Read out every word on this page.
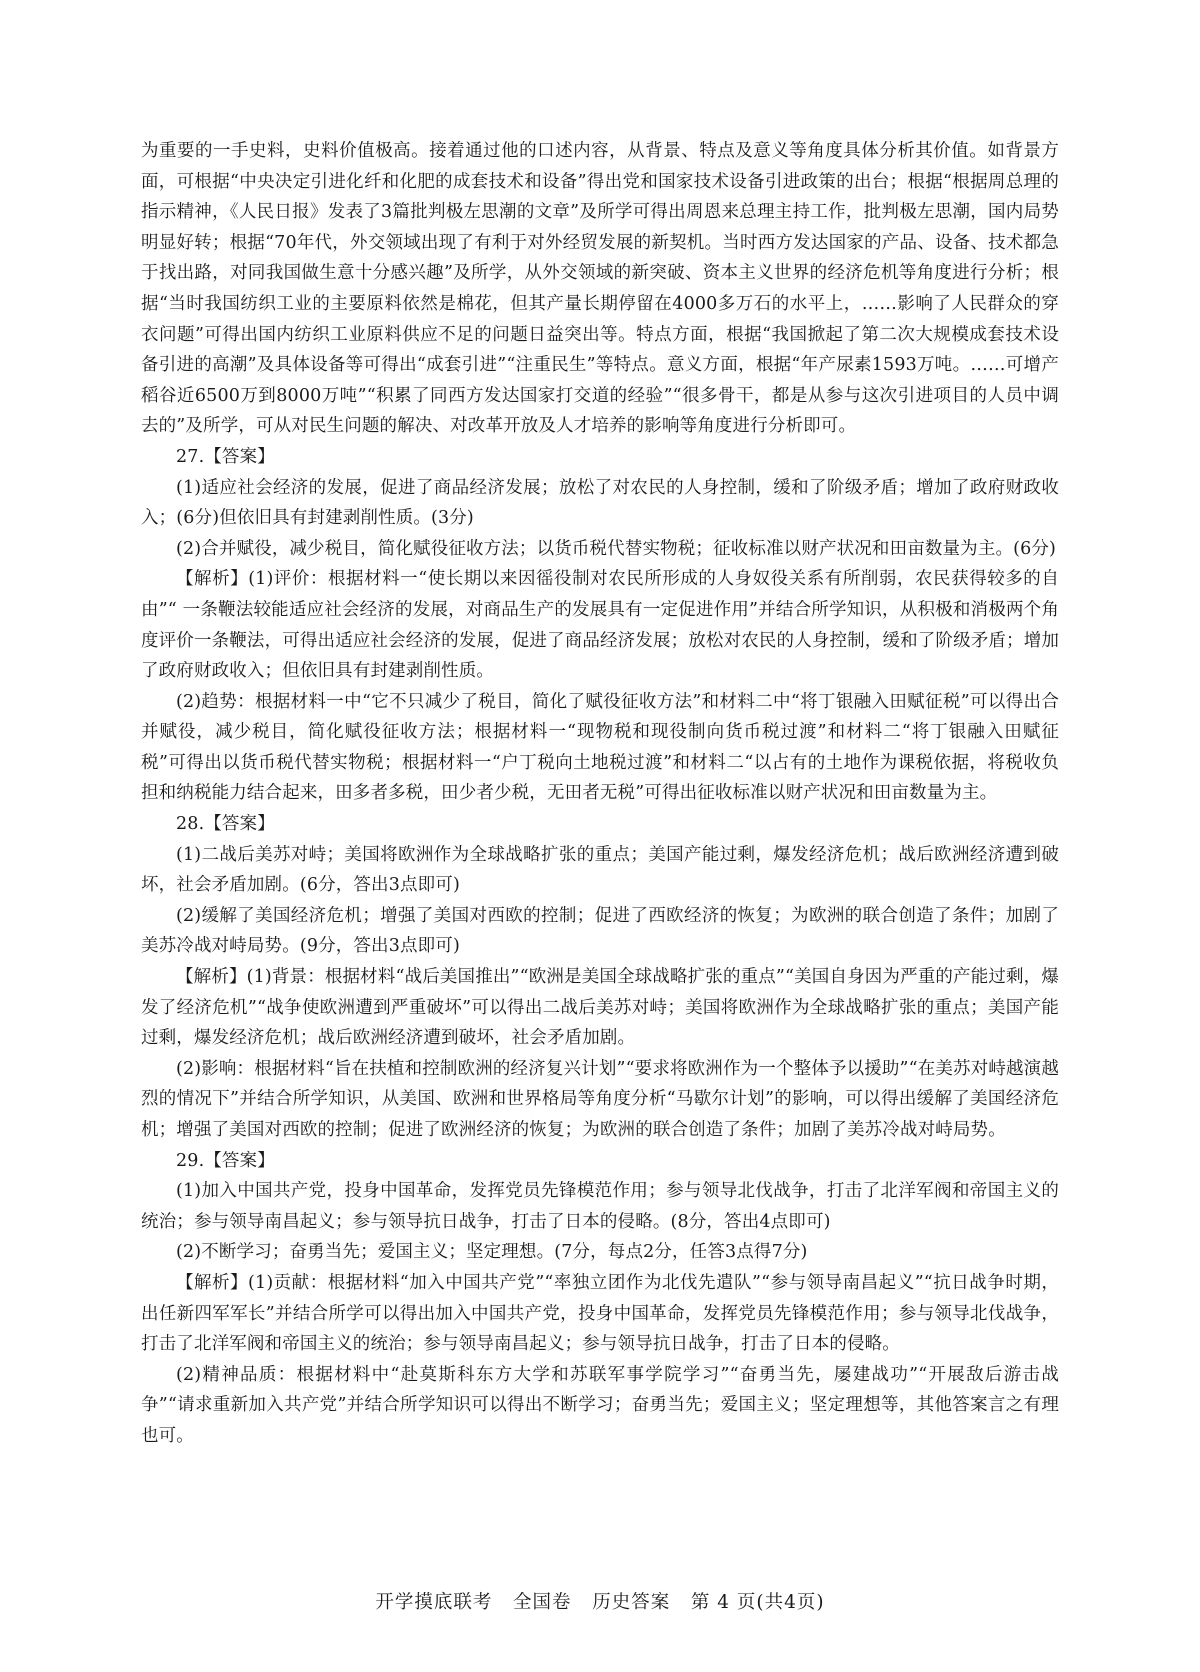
为重要的一手史料，史料价值极高。接着通过他的口述内容，从背景、特点及意义等角度具体分析其价值。如背景方面，可根据“中央决定引进化纤和化肥的成套技术和设备”得出党和国家技术设备引进政策的出台；根据“根据周总理的指示精神，《人民日报》发表了3篇批判极左思潮的文章”及所学可得出周恩来总理主持工作，批判极左思潮，国内局势明显好转；根据“70年代，外交领域出现了有利于对外经贸发展的新契机。当时西方发达国家的产品、设备、技术都急于找出路，对同我国做生意十分感兴趣”及所学，从外交领域的新突破、资本主义世界的经济危机等角度进行分析；根据“当时我国纺织工业的主要原料依然是棉花，但其产量长期停留在4000多万石的水平上，……影响了人民群众的穿衣问题”可得出国内纺织工业原料供应不足的问题日益突出等。特点方面，根据“我国掀起了第二次大规模成套技术设备引进的高潮”及具体设备等可得出“成套引进”“注重民生”等特点。意义方面，根据“年产尿素1593万吨。……可增产稻谷近6500万到8000万吨”“积累了同西方发达国家打交道的经验”“很多骨干，都是从参与这次引进项目的人员中调去的”及所学，可从对民生问题的解决、对改革开放及人才培养的影响等角度进行分析即可。

27.【答案】

(1)适应社会经济的发展，促进了商品经济发展；放松了对农民的人身控制，缓和了阶级矛盾；增加了政府财政收入；(6分)但依旧具有封建剥削性质。(3分)

(2)合并赋役，减少税目，简化赋役征收方法；以货币税代替实物税；征收标准以财产状况和田亩数量为主。(6分)

【解析】(1)评价：根据材料一“使长期以来因徭役制对农民所形成的人身奴役关系有所削弱，农民获得较多的自由”“ 一条鞭法较能适应社会经济的发展，对商品生产的发展具有一定促进作用”并结合所学知识，从积极和消极两个角度评价一条鞭法，可得出适应社会经济的发展，促进了商品经济发展；放松对农民的人身控制，缓和了阶级矛盾；增加了政府财政收入；但依旧具有封建剥削性质。

(2)趋势：根据材料一中“它不只减少了税目，简化了赋役征收方法”和材料二中“将丁银融入田赋征税”可以得出合并赋役，减少税目，简化赋役征收方法；根据材料一“现物税和现役制向货币税过渡”和材料二“将丁银融入田赋征税”可得出以货币税代替实物税；根据材料一“户丁税向土地税过渡”和材料二“以占有的土地作为课税依据，将税收负担和纳税能力结合起来，田多者多税，田少者少税，无田者无税”可得出征收标准以财产状况和田亩数量为主。

28.【答案】

(1)二战后美苏对峙；美国将欧洲作为全球战略扩张的重点；美国产能过剩，爆发经济危机；战后欧洲经济遭到破坏，社会矛盾加剧。(6分，答出3点即可)

(2)缓解了美国经济危机；增强了美国对西欧的控制；促进了西欧经济的恢复；为欧洲的联合创造了条件；加剧了美苏冷战对峙局势。(9分，答出3点即可)

【解析】(1)背景：根据材料“战后美国推出”“欧洲是美国全球战略扩张的重点”“美国自身因为严重的产能过剩，爆发了经济危机”“战争使欧洲遭到严重破坏”可以得出二战后美苏对峙；美国将欧洲作为全球战略扩张的重点；美国产能过剩，爆发经济危机；战后欧洲经济遭到破坏，社会矛盾加剧。

(2)影响：根据材料“旨在扶植和控制欧洲的经济复兴计划”“要求将欧洲作为一个整体予以援助”“在美苏对峙越演越烈的情况下”并结合所学知识，从美国、欧洲和世界格局等角度分析“马歇尔计划”的影响，可以得出缓解了美国经济危机；增强了美国对西欧的控制；促进了欧洲经济的恢复；为欧洲的联合创造了条件；加剧了美苏冷战对峙局势。

29.【答案】

(1)加入中国共产党，投身中国革命，发挥党员先锋模范作用；参与领导北伐战争，打击了北洋军阀和帝国主义的统治；参与领导南昌起义；参与领导抗日战争，打击了日本的侵略。(8分，答出4点即可)

(2)不断学习；奋勇当先；爱国主义；坚定理想。(7分，每点2分，任答3点得7分)

【解析】(1)贡献：根据材料“加入中国共产党”“率独立团作为北伐先遣队”“参与领导南昌起义”“抗日战争时期，出任新四军军长”并结合所学可以得出加入中国共产党，投身中国革命，发挥党员先锋模范作用；参与领导北伐战争，打击了北洋军阀和帝国主义的统治；参与领导南昌起义；参与领导抗日战争，打击了日本的侵略。

(2)精神品质：根据材料中“赴莫斯科东方大学和苏联军事学院学习”“奋勇当先，屡建战功”“开展敌后游击战争”“请求重新加入共产党”并结合所学知识可以得出不断学习；奋勇当先；爱国主义；坚定理想等，其他答案言之有理也可。

开学摸底联考   全国卷   历史答案   第 4 页(共4页)
